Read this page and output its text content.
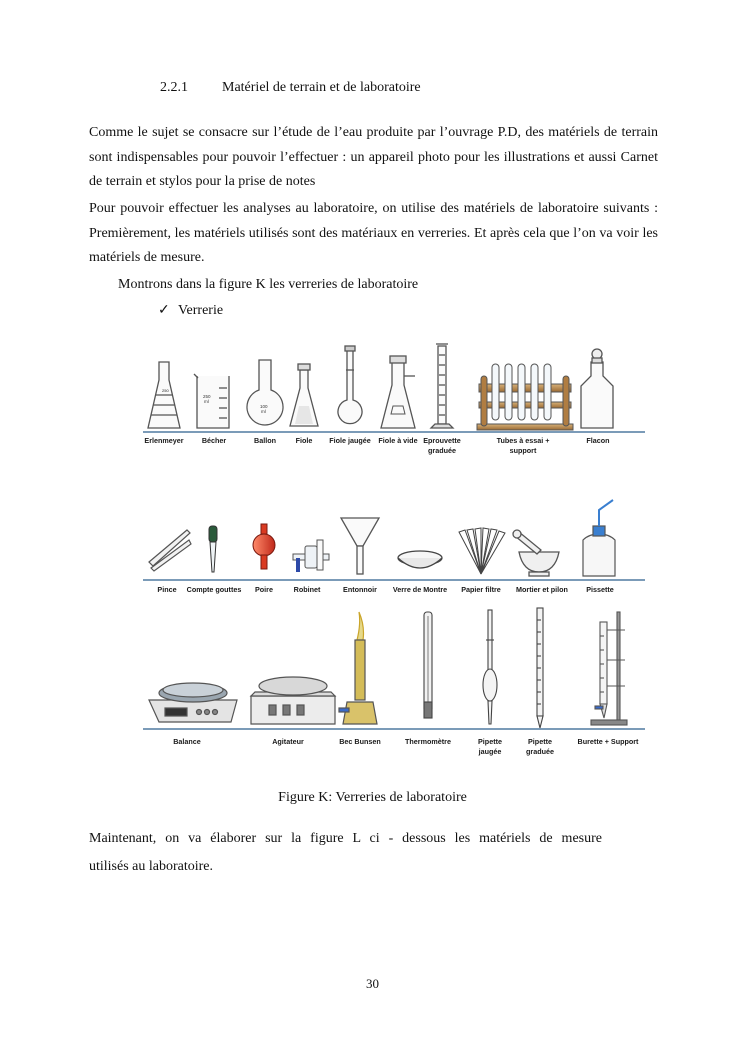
2.2.1 Matériel de terrain et de laboratoire
Comme le sujet se consacre sur l’étude de l’eau produite par l’ouvrage P.D, des matériels de terrain sont indispensables pour pouvoir l’effectuer : un appareil photo pour les illustrations et aussi Carnet de terrain et stylos pour la prise de notes
Pour pouvoir effectuer les analyses au laboratoire, on utilise des matériels de laboratoire suivants : Premièrement, les matériels utilisés sont des matériaux en verreries. Et après cela que l’on va voir les matériels de mesure.
Montrons dans la figure K les verreries de laboratoire
✓ Verrerie
250
250
ml
100
ml
Erlenmeyer	Bécher	Ballon	Fiole Fiole jaugée Fiole à vide Eprouvette
graduée
Tubes à essai +
support
Flacon
Pince Compte gouttes Poire	Robinet	Entonnoir Verre de Montre Papier filtre Mortier et pilon	Pissette
Balance	Agitateur	Bec Bunsen	Thermomètre	Pipette
jaugée
Pipette
graduée
Burette + Support
Figure K: Verreries de laboratoire
Maintenant, on va élaborer sur la figure L ci - dessous les matériels de mesure
utilisés au laboratoire.
30
